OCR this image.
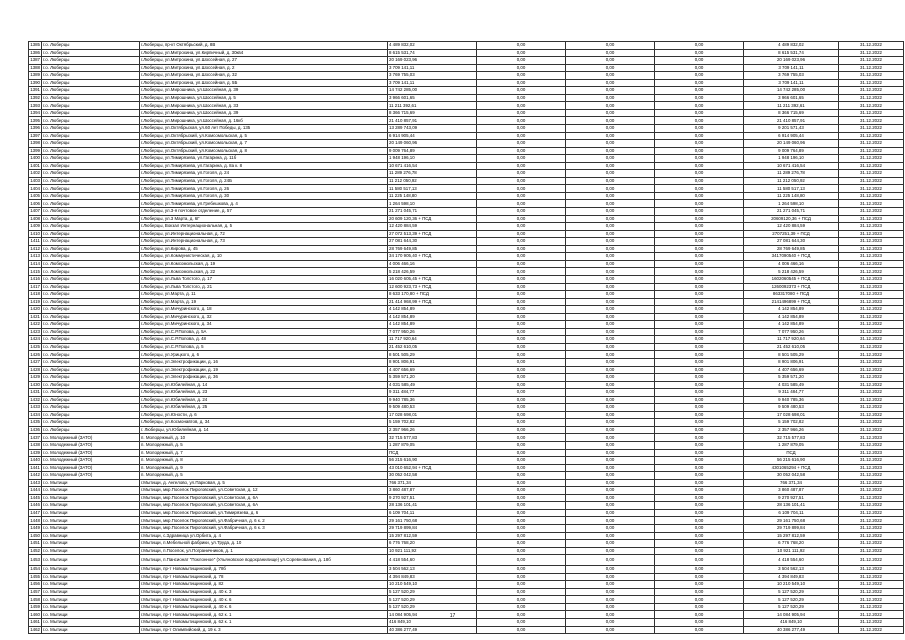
1385	г.о. Люберцы	г.Люберцы, пр-кт Октябрьский, д. 8В	4 489 832,02	0,00	0,00	0,00	4 489 832,02	31.12.2022
1386	г.о. Люберцы	г.Люберцы, ул.Митрохина, ул.Кирпичный, д. 30кв4	8 615 531,74	0,00	0,00	0,00	8 615 531,74	31.12.2022
1387	г.о. Люберцы	г.Люберцы, ул.Митрохина, ул.Шоссейная, д. 27	20 169 023,96	0,00	0,00	0,00	20 169 023,96	31.12.2022
1388	г.о. Люберцы	г.Люберцы, ул.Митрохина, ул.Шоссейная, д. 2	3 709 141,11	0,00	0,00	0,00	3 709 141,11	31.12.2022
1389	г.о. Люберцы	г.Люберцы, ул.Митрохина, ул.Шоссейная, д. 32	3 769 755,03	0,00	0,00	0,00	3 769 755,03	31.12.2022
1390	г.о. Люберцы	г.Люберцы, ул.Митрохина, ул.Шоссейная, д. 5Б	3 709 141,11	0,00	0,00	0,00	3 709 141,11	31.12.2022
1391	г.о. Люберцы	г.Люберцы, ул.Мирошника, ул.Шоссейная, д. 39	14 742 285,00	0,00	0,00	0,00	14 742 285,00	31.12.2022
1392	г.о. Люберцы	г.Люберцы, ул.Мирошника, ул.Шоссейная, д. 5	3 966 601,65	0,00	0,00	0,00	3 966 601,65	31.12.2022
1393	г.о. Люберцы	г.Люберцы, ул.Мирошника, ул.Шоссейная, д. 33	11 211 392,61	0,00	0,00	0,00	11 211 392,61	31.12.2022
1394	г.о. Люберцы	г.Люберцы, ул.Мирошника, ул.Шоссейная, д. 39	8 366 715,69	0,00	0,00	0,00	8 366 715,69	31.12.2022
1395	г.о. Люберцы	г.Люберцы, ул.Мирошника, ул.Шоссейная, д. 16кб	21 410 857,91	0,00	0,00	0,00	21 410 857,91	31.12.2022
1396	г.о. Люберцы	г.Люберцы, ул.Октябрьская, ул.60 лет Победы, д. 135	13 289 743,09	0,00	0,00	0,00	9 201 571,43	31.12.2022
1397	г.о. Люберцы	г.Люберцы, ул.Октябрьский, ул.Комсомольская, д. 5	6 914 905,44	0,00	0,00	0,00	6 914 905,44	31.12.2022
1398	г.о. Люберцы	г.Люберцы, ул.Октябрьский, ул.Комсомольская, д. 7	20 149 060,96	0,00	0,00	0,00	20 149 060,96	31.12.2022
1399	г.о. Люберцы	г.Люберцы, ул.Октябрьский, ул.Комсомольская, д. 8	9 009 764,89	0,00	0,00	0,00	9 009 764,89	31.12.2022
1400	г.о. Люберцы	г.Люберцы, ул.Тимирязева, ул.Гагарина, д. 11б	1 948 196,10	0,00	0,00	0,00	1 948 196,10	31.12.2022
1401	г.о. Люберцы	г.Люберцы, ул.Тимирязева, ул.Гагарина, д. 8а к. 8	10 671 416,54	0,00	0,00	0,00	10 671 416,54	31.12.2022
1402	г.о. Люберцы	г.Люберцы, ул.Тимирязева, ул.Гоголя, д. 24	11 289 276,78	0,00	0,00	0,00	11 289 276,78	31.12.2022
1403	г.о. Люберцы	г.Люберцы, ул.Тимирязева, ул.Гоголя, д. 24Б	11 212 050,92	0,00	0,00	0,00	11 212 050,92	31.12.2022
1404	г.о. Люберцы	г.Люберцы, ул.Тимирязева, ул.Гоголя, д. 26	11 580 517,13	0,00	0,00	0,00	11 580 517,13	31.12.2022
1405	г.о. Люберцы	г.Люберцы, ул.Тимирязева, ул.Гоголя, д. 30	11 225 148,80	0,00	0,00	0,00	11 225 148,80	31.12.2022
1406	г.о. Люберцы	г.Люберцы, ул.Тимирязева, ул.Гребешкова, д. 4	1 264 598,10	0,00	0,00	0,00	1 264 598,10	31.12.2022
1407	г.о. Люберцы	г.Люберцы, ул.3-я почтовое отделение, д. 57	21 271 045,71	0,00	0,00	0,00	21 271 045,71	31.12.2022
1408	г.о. Люберцы	г.Люберцы, ул.3 Марта, д. 6Г	20 609 120,36 + ПСД	0,00	0,00	0,00	20609120,36 + ПСД	31.12.2023
1409	г.о. Люберцы	г.Люберцы, Вокзал Интернациональная, д. 5	12 420 884,59	0,00	0,00	0,00	12 420 884,59	31.12.2023
1410	г.о. Люберцы	г.Люберцы, ул.Интернациональная, д. 72	27 072 513,39 + ПСД	0,00	0,00	0,00	2707251,39 + ПСД	31.12.2023
1411	г.о. Люберцы	г.Люберцы, ул.Интернациональная, д. 73	27 081 644,30	0,00	0,00	0,00	27 081 644,30	31.12.2023
1412	г.о. Люберцы	г.Люберцы, ул.Кирова, д. 45	28 769 649,85	0,00	0,00	0,00	28 769 649,85	31.12.2023
1413	г.о. Люберцы	г.Люберцы, ул.Коммунистическая, д. 10	34 170 905,40 + ПСД	0,00	0,00	0,00	3417090540 + ПСД	31.12.2023
1414	г.о. Люберцы	г.Люберцы, ул.Комсомольская, д. 19	4 006 466,16	0,00	0,00	0,00	4 006 466,16	31.12.2022
1415	г.о. Люберцы	г.Люберцы, ул.Комсомольская, д. 22	5 218 426,59	0,00	0,00	0,00	5 218 426,59	31.12.2022
1416	г.о. Люберцы	г.Люберцы, ул.Льва Толстого, д. 17	16 020 605,45 + ПСД	0,00	0,00	0,00	1602060545 + ПСД	31.12.2023
1417	г.о. Люберцы	г.Люберцы, ул.Льва Толстого, д. 21	12 600 923,73 + ПСД	0,00	0,00	0,00	1260092373 + ПСД	31.12.2023
1418	г.о. Люберцы	г.Люберцы, ул.Марта, д. 11	8 633 170,80 + ПСД	0,00	0,00	0,00	863317080 + ПСД	31.12.2023
1419	г.о. Люберцы	г.Люберцы, ул.Марта, д. 19	21 414 968,99 + ПСД	0,00	0,00	0,00	2141496899 + ПСД	31.12.2023
1420	г.о. Люберцы	г.Люберцы, ул.Мичуринского, д. 18	4 142 854,89	0,00	0,00	0,00	4 142 854,89	31.12.2022
1421	г.о. Люберцы	г.Люберцы, ул.Мичуринского, д. 32	4 142 854,89	0,00	0,00	0,00	4 142 854,89	31.12.2022
1422	г.о. Люберцы	г.Люберцы, ул.Мичуринского, д. 34	4 142 854,89	0,00	0,00	0,00	4 142 854,89	31.12.2022
1423	г.о. Люберцы	г.Люберцы, ул.С.Р.Попова, д. 5А	7 077 950,26	0,00	0,00	0,00	7 077 950,26	31.12.2022
1424	г.о. Люберцы	г.Люберцы, ул.С.Р.Попова, д. 48	11 717 920,64	0,00	0,00	0,00	11 717 920,64	31.12.2022
1425	г.о. Люберцы	г.Люберцы, ул.С.Р.Попова, д. 5	21 452 610,05	0,00	0,00	0,00	21 452 610,05	31.12.2022
1426	г.о. Люберцы	г.Люберцы, ул.Урицкого, д. 6	8 501 505,29	0,00	0,00	0,00	8 501 505,29	31.12.2022
1427	г.о. Люберцы	г.Люберцы, ул.Электрофикации, д. 16	8 901 806,91	0,00	0,00	0,00	8 901 806,91	31.12.2022
1428	г.о. Люберцы	г.Люберцы, ул.Электрофикации, д. 19	4 407 656,69	0,00	0,00	0,00	4 407 656,69	31.12.2022
1429	г.о. Люберцы	г.Люберцы, ул.Электрофикации, д. 36	5 359 571,20	0,00	0,00	0,00	5 359 571,20	31.12.2022
1430	г.о. Люберцы	г.Люберцы, ул.Юбилейная, д. 14	4 0З1 585,49	0,00	0,00	0,00	4 031 585,49	31.12.2022
1431	г.о. Люберцы	г.Люберцы, ул.Юбилейная, д. 23	9 311 484,77	0,00	0,00	0,00	9 311 484,77	31.12.2022
1432	г.о. Люберцы	г.Люберцы, ул.Юбилейная, д. 24	9 940 785,36	0,00	0,00	0,00	9 940 785,36	31.12.2022
1433	г.о. Люберцы	г.Люберцы, ул.Юбилейная, д. 25	9 509 480,53	0,00	0,00	0,00	9 509 480,53	31.12.2022
1434	г.о. Люберцы	г.Люберцы, ул.Юности, д. 6	17 028 698,01	0,00	0,00	0,00	17 028 698,01	31.12.2022
1435	г.о. Люберцы	г.Люберцы, ул.Космонавтов, д. 34	5 159 702,82	0,00	0,00	0,00	5 159 702,82	31.12.2022
1436	г.о. Люберцы	г. Люберцы, ул.Юбилейная, д. 14	2 357 966,26	0,00	0,00	0,00	2 357 966,26	31.12.2022
1437	г.о. Молодежный (ЗАТО)	п. Молодежный, д. 10	32 715 577,83	0,00	0,00	0,00	32 715 577,83	31.12.2023
1438	г.о. Молодежный (ЗАТО)	п. Молодежный, д. 5	1 287 879,05	0,00	0,00	0,00	1 287 879,05	31.12.2022
1439	г.о. Молодежный (ЗАТО)	п. Молодежный, д. 7	ПСД	0,00	0,00	0,00	ПСД	31.12.2023
1440	г.о. Молодежный (ЗАТО)	п. Молодежный, д. 8	56 215 616,90	0,00	0,00	0,00	56 215 616,90	31.12.2022
1441	г.о. Молодежный (ЗАТО)	п. Молодежный, д. 9	43 010 652,94 + ПСД	0,00	0,00	0,00	4301065294 + ПСД	31.12.2023
1442	г.о. Молодежный (ЗАТО)	п. Молодежный, д. 5	30 052 042,58	0,00	0,00	0,00	30 052 042,58	31.12.2022
1443	г.о. Мытищи	г.Мытищи, д. Ангелово, ул.Парковая, д. 5	766 371,34	0,00	0,00	0,00	766 371,34	31.12.2022
1444	г.о. Мытищи	г.Мытищи, мкр.Поселок Пироговский, ул.Советская, д. 12	3 860 487,87	0,00	0,00	0,00	3 860 487,87	31.12.2022
1445	г.о. Мытищи	г.Мытищи, мкр.Поселок Пироговский, ул.Советская, д. 6А	9 270 927,51	0,00	0,00	0,00	9 270 927,51	31.12.2022
1446	г.о. Мытищи	г.Мытищи, мкр.Поселок Пироговский, ул.Советская, д. 6А	28 136 101,41	0,00	0,00	0,00	28 136 101,41	31.12.2022
1447	г.о. Мытищи	г.Мытищи, мкр.Поселок Пироговский, ул.Тимирязева, д. 6	6 109 704,11	0,00	0,00	0,00	6 109 704,11	31.12.2022
1448	г.о. Мытищи	г.Мытищи, мкр.Поселок Пироговский, ул.Фабричная, д. 6 к. 2	29 161 750,68	0,00	0,00	0,00	29 161 750,68	31.12.2022
1449	г.о. Мытищи	г.Мытищи, мкр.Поселок Пироговский, ул.Фабричная, д. 6 к. 3	29 719 899,84	0,00	0,00	0,00	29 719 899,84	31.12.2022
1450	г.о. Мытищи	г.Мытищи, с.Здравница ул.Орбита, д. 4	15 297 812,59	0,00	0,00	0,00	15 297 812,59	31.12.2022
1451	г.о. Мытищи	г.Мытищи, п.Мебельной фабрики, ул.Труда, д. 10	6 776 768,20	0,00	0,00	0,00	6 776 768,20	31.12.2022
1452	г.о. Мытищи	г.Мытищи, п.Поселок, ул.Пограничников, д. 1	10 921 111,92	0,00	0,00	0,00	10 921 111,92	31.12.2022
1453	г.о. Мытищи	г.Мытищи, п.Пансионат "Поклонное" (Ульяновское водохранилище) ул.Соревнования, д. 18б	4 418 554,60	0,00	0,00	0,00	4 418 554,60	31.12.2022
1454	г.о. Мытищи	г.Мытищи, пр-т Новомытищинский, д. 78б	3 504 562,13	0,00	0,00	0,00	3 504 562,13	31.12.2022
1455	г.о. Мытищи	г.Мытищи, пр-т Новомытищинский, д. 78	4 394 849,83	0,00	0,00	0,00	4 394 849,83	31.12.2022
1456	г.о. Мытищи	г.Мытищи, пр-т Новомытищинский, д. 82	10 210 549,10	0,00	0,00	0,00	10 210 549,10	31.12.2022
1457	г.о. Мытищи	г.Мытищи, пр-т Новомытищинский, д. 40 к. 3	5 127 520,29	0,00	0,00	0,00	5 127 520,29	31.12.2022
1458	г.о. Мытищи	г.Мытищи, пр-т Новомытищинский, д. 40 к. 6	5 127 520,29	0,00	0,00	0,00	5 127 520,29	31.12.2022
1459	г.о. Мытищи	г.Мытищи, пр-т Новомытищинский, д. 40 к. 6	5 127 520,29	0,00	0,00	0,00	5 127 520,29	31.12.2022
1460	г.о. Мытищи	г.Мытищи, пр-т Новомытищинский, д. 62 к. 1	14 084 905,94	0,00	0,00	0,00	14 084 905,94	31.12.2022
1461	г.о. Мытищи	г.Мытищи, пр-т Новомытищинский, д. 62 к. 1	416 849,10	0,00	0,00	0,00	416 849,10	31.12.2022
1462	г.о. Мытищи	г.Мытищи, пр-т Олимпийский, д. 19 к. 3	40 386 277,49	0,00	0,00	0,00	40 386 277,49	31.12.2022
17
